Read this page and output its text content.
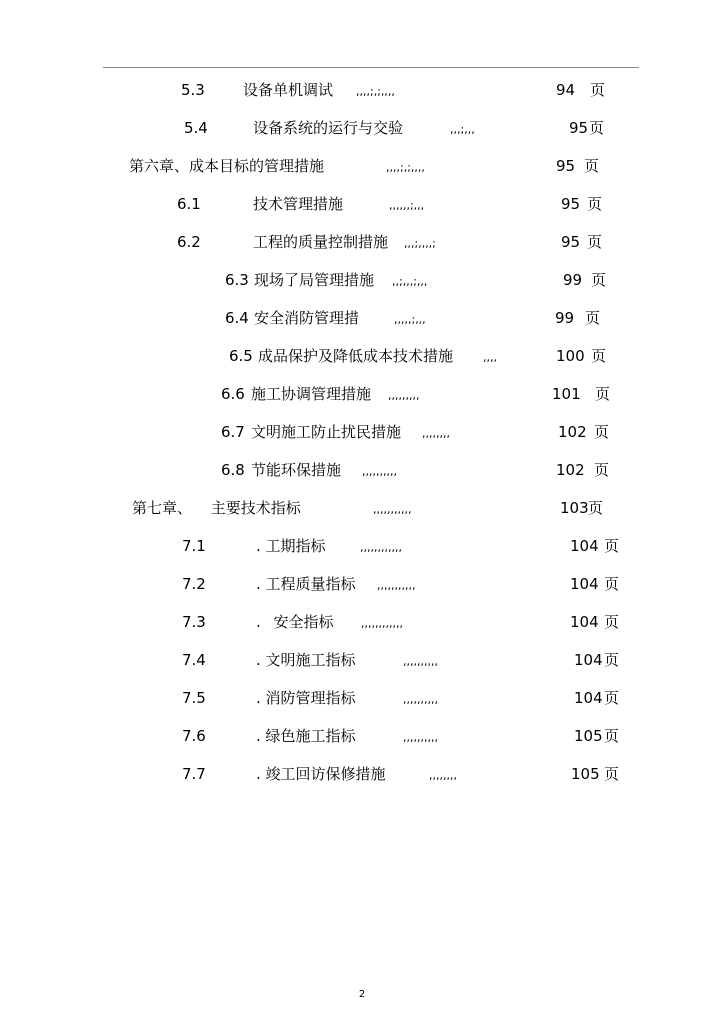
5.3	设备单机调试 ,,,,;,;,,,,	94 页
5.4	设备系统的运行与交验	,,,;,,,	95 页
第六章、成本目标的管理措施	,,,,;,;,,,,	95 页
6.1	技术管理措施	,,,,,,;,,,	95 页
6.2	工程的质量控制措施 ,,,;,,,,;	95 页
6.3 现场了局管理措施 ,,;,,,;,,,	99 页
6.4 安全消防管理措	,,,,,;,,,	99 页
6.5 成品保护及降低成本技术措施	,,,,	100 页
6.6 施工协调管理措施 ,,,,,,,,,	101 页
6.7 文明施工防止扰民措施 ,,,,,,,,	102 页
6.8 节能环保措施 ,,,,,,,,,,	102 页
第七章、 主要技术指标	,,,,,,,,,,,	103 页
7.1	. 工期指标	,,,,,,,,,,,,	104 页
7.2	. 工程质量指标 ,,,,,,,,,,,	104 页
7.3	. 安全指标 ,,,,,,,,,,,,	104 页
7.4	. 文明施工指标	,,,,,,,,,,	104 页
7.5	. 消防管理指标	,,,,,,,,,,	104 页
7.6	. 绿色施工指标	,,,,,,,,,,	105 页
7.7	. 竣工回访保修措施	,,,,,,,,	105 页
2
